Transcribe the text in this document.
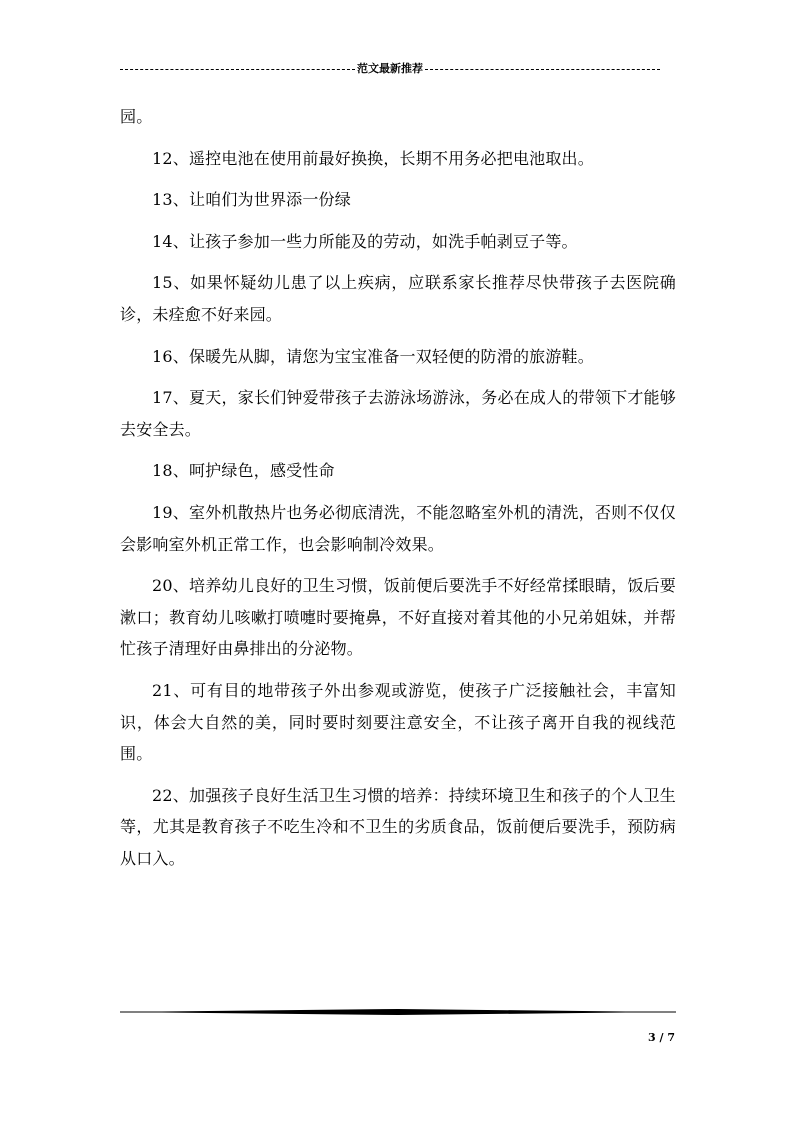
范文最新推荐

园。

12、遥控电池在使用前最好换换，长期不用务必把电池取出。

13、让咱们为世界添一份绿

14、让孩子参加一些力所能及的劳动，如洗手帕剥豆子等。

15、如果怀疑幼儿患了以上疾病，应联系家长推荐尽快带孩子去医院确诊，未痊愈不好来园。

16、保暖先从脚，请您为宝宝准备一双轻便的防滑的旅游鞋。

17、夏天，家长们钟爱带孩子去游泳场游泳，务必在成人的带领下才能够去安全去。

18、呵护绿色，感受性命

19、室外机散热片也务必彻底清洗，不能忽略室外机的清洗，否则不仅仅会影响室外机正常工作，也会影响制冷效果。

20、培养幼儿良好的卫生习惯，饭前便后要洗手不好经常揉眼睛，饭后要漱口；教育幼儿咳嗽打喷嚏时要掩鼻，不好直接对着其他的小兄弟姐妹，并帮忙孩子清理好由鼻排出的分泌物。

21、可有目的地带孩子外出参观或游览，使孩子广泛接触社会，丰富知识，体会大自然的美，同时要时刻要注意安全，不让孩子离开自我的视线范围。

22、加强孩子良好生活卫生习惯的培养：持续环境卫生和孩子的个人卫生等，尤其是教育孩子不吃生冷和不卫生的劣质食品，饭前便后要洗手，预防病从口入。

3 / 7
